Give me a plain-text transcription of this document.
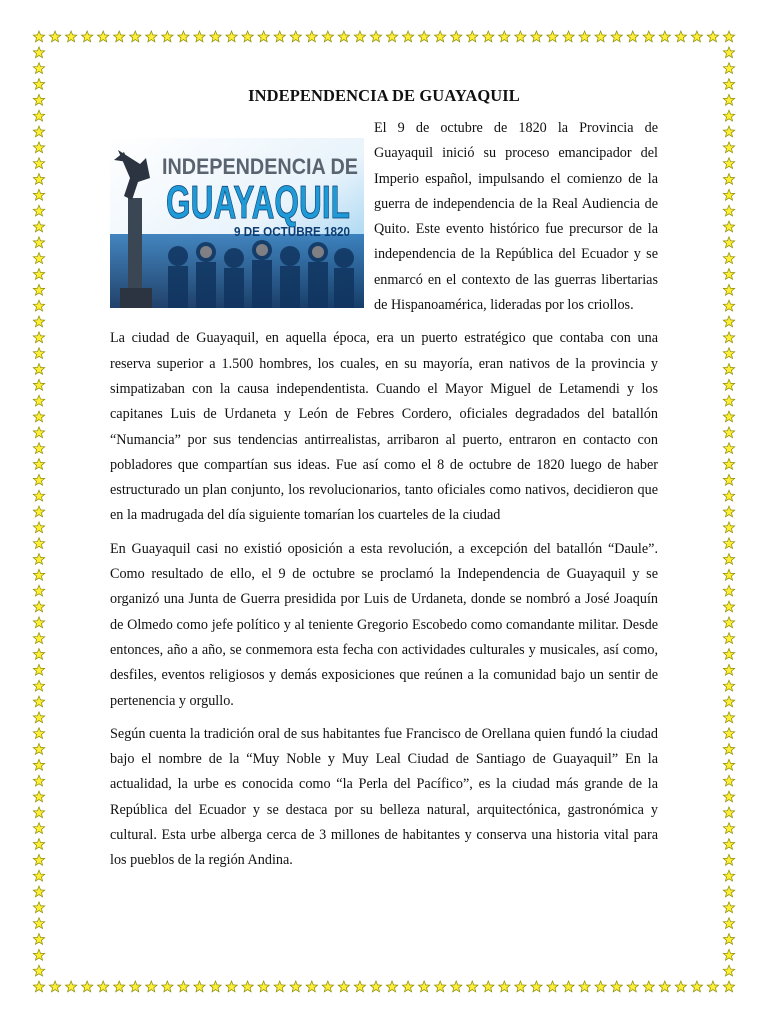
INDEPENDENCIA DE GUAYAQUIL
INDEPENDENCIA DE
GUAYAQUIL
9 DE OCTUBRE 1820

El 9 de octubre de 1820 la Provincia de Guayaquil inició su proceso emancipador del Imperio español, impulsando el comienzo de la guerra de independencia de la Real Audiencia de Quito. Este evento histórico fue precursor de la independencia de la República del Ecuador y se enmarcó en el contexto de las guerras libertarias de Hispanoamérica, lideradas por los criollos.

La ciudad de Guayaquil, en aquella época, era un puerto estratégico que contaba con una reserva superior a 1.500 hombres, los cuales, en su mayoría, eran nativos de la provincia y simpatizaban con la causa independentista. Cuando el Mayor Miguel de Letamendi y los capitanes Luis de Urdaneta y León de Febres Cordero, oficiales degradados del batallón “Numancia” por sus tendencias antirrealistas, arribaron al puerto, entraron en contacto con pobladores que compartían sus ideas. Fue así como el 8 de octubre de 1820 luego de haber estructurado un plan conjunto, los revolucionarios, tanto oficiales como nativos, decidieron que en la madrugada del día siguiente tomarían los cuarteles de la ciudad

En Guayaquil casi no existió oposición a esta revolución, a excepción del batallón “Daule”. Como resultado de ello, el 9 de octubre se proclamó la Independencia de Guayaquil y se organizó una Junta de Guerra presidida por Luis de Urdaneta, donde se nombró a José Joaquín de Olmedo como jefe político y al teniente Gregorio Escobedo como comandante militar. Desde entonces, año a año, se conmemora esta fecha con actividades culturales y musicales, así como, desfiles, eventos religiosos y demás exposiciones que reúnen a la comunidad bajo un sentir de pertenencia y orgullo.

Según cuenta la tradición oral de sus habitantes fue Francisco de Orellana quien fundó la ciudad bajo el nombre de la “Muy Noble y Muy Leal Ciudad de Santiago de Guayaquil” En la actualidad, la urbe es conocida como “la Perla del Pacífico”, es la ciudad más grande de la República del Ecuador y se destaca por su belleza natural, arquitectónica, gastronómica y cultural. Esta urbe alberga cerca de 3 millones de habitantes y conserva una historia vital para los pueblos de la región Andina.
